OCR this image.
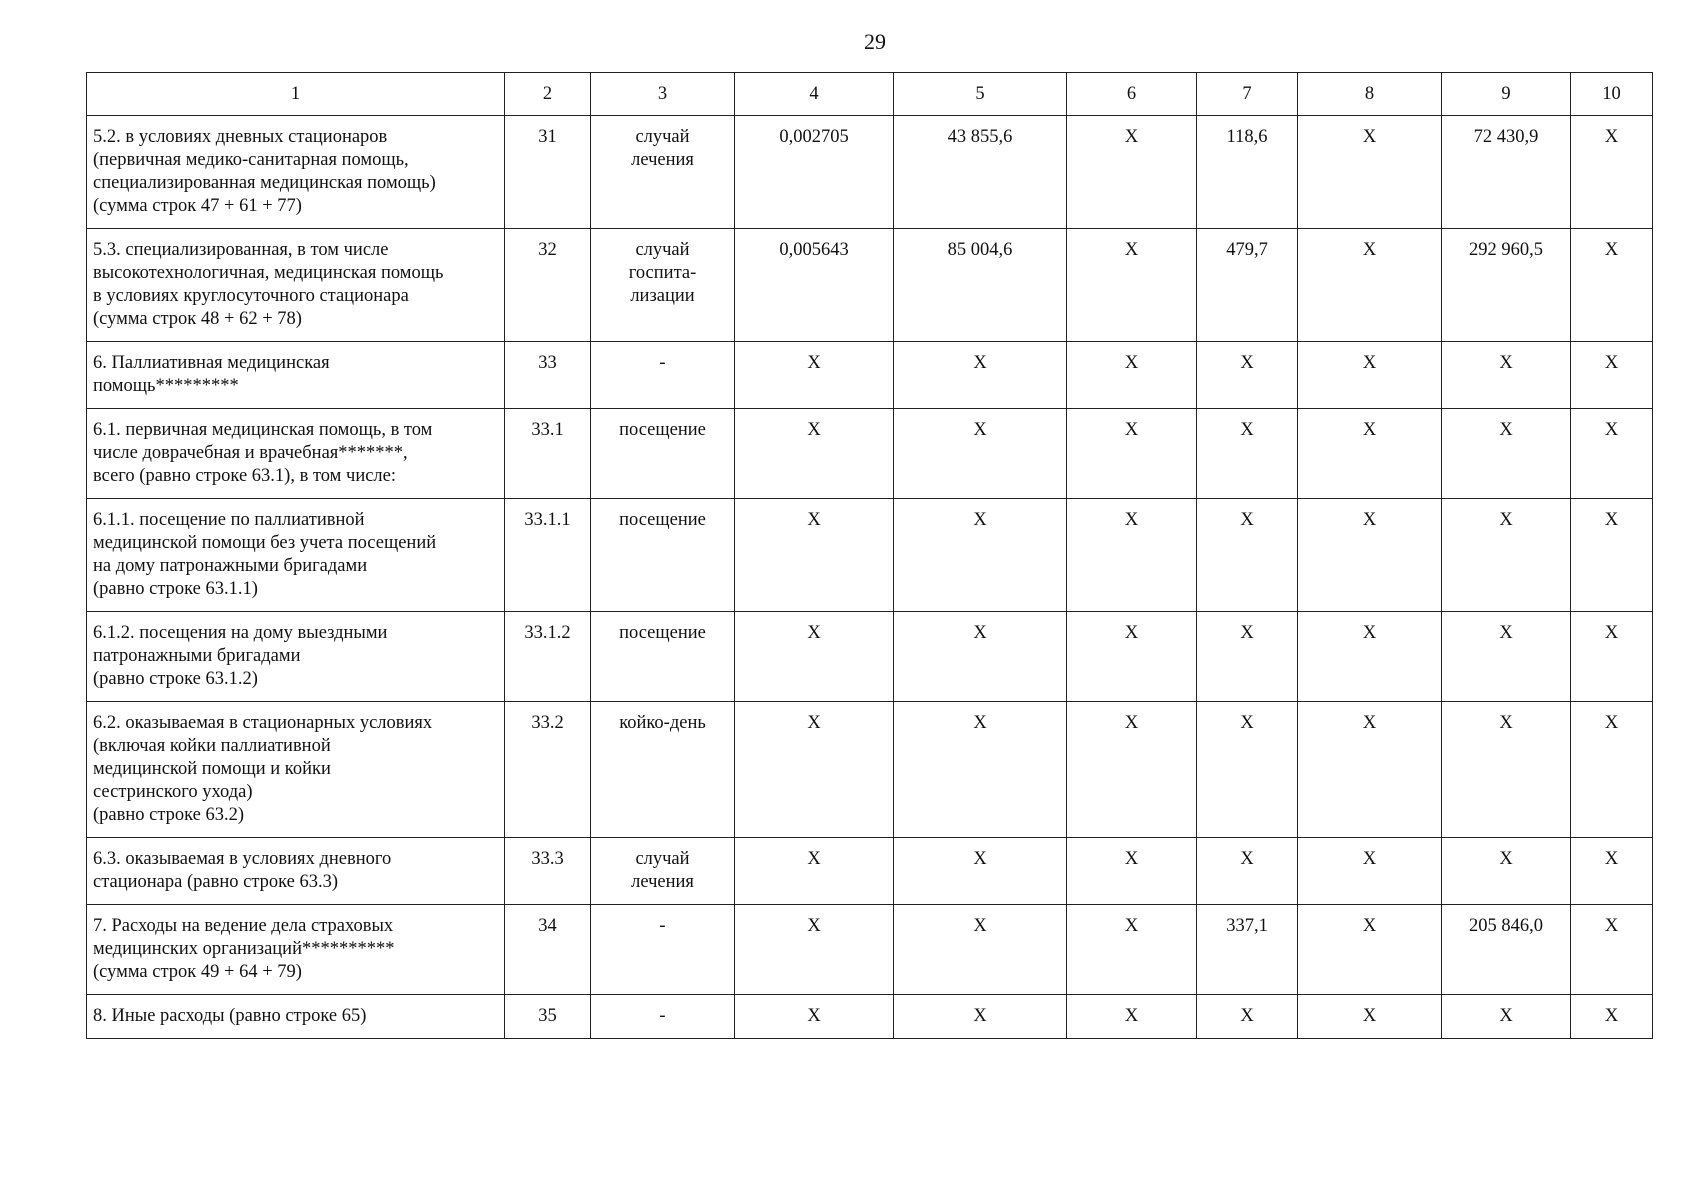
29
1	2	3	4	5	6	7	8	9	10
5.2. в условиях дневных стационаров
(первичная медико-санитарная помощь,
специализированная медицинская помощь)
(сумма строк 47 + 61 + 77)	31	случай
лечения	0,002705	43 855,6	X	118,6	X	72 430,9	X
5.3. специализированная, в том числе
высокотехнологичная, медицинская помощь
в условиях круглосуточного стационара
(сумма строк 48 + 62 + 78)	32	случай
госпита-
лизации	0,005643	85 004,6	X	479,7	X	292 960,5	X
6. Паллиативная медицинская
помощь*********	33	-	X	X	X	X	X	X	X
6.1. первичная медицинская помощь, в том
числе доврачебная и врачебная*******,
всего (равно строке 63.1), в том числе:	33.1	посещение	X	X	X	X	X	X	X
6.1.1. посещение по паллиативной
медицинской помощи без учета посещений
на дому патронажными бригадами
(равно строке 63.1.1)	33.1.1	посещение	X	X	X	X	X	X	X
6.1.2. посещения на дому выездными
патронажными бригадами
(равно строке 63.1.2)	33.1.2	посещение	X	X	X	X	X	X	X
6.2. оказываемая в стационарных условиях
(включая койки паллиативной
медицинской помощи и койки
сестринского ухода)
(равно строке 63.2)	33.2	койко-день	X	X	X	X	X	X	X
6.3. оказываемая в условиях дневного
стационара (равно строке 63.3)	33.3	случай
лечения	X	X	X	X	X	X	X
7. Расходы на ведение дела страховых
медицинских организаций**********
(сумма строк 49 + 64 + 79)	34	-	X	X	X	337,1	X	205 846,0	X
8. Иные расходы (равно строке 65)	35	-	X	X	X	X	X	X	X
